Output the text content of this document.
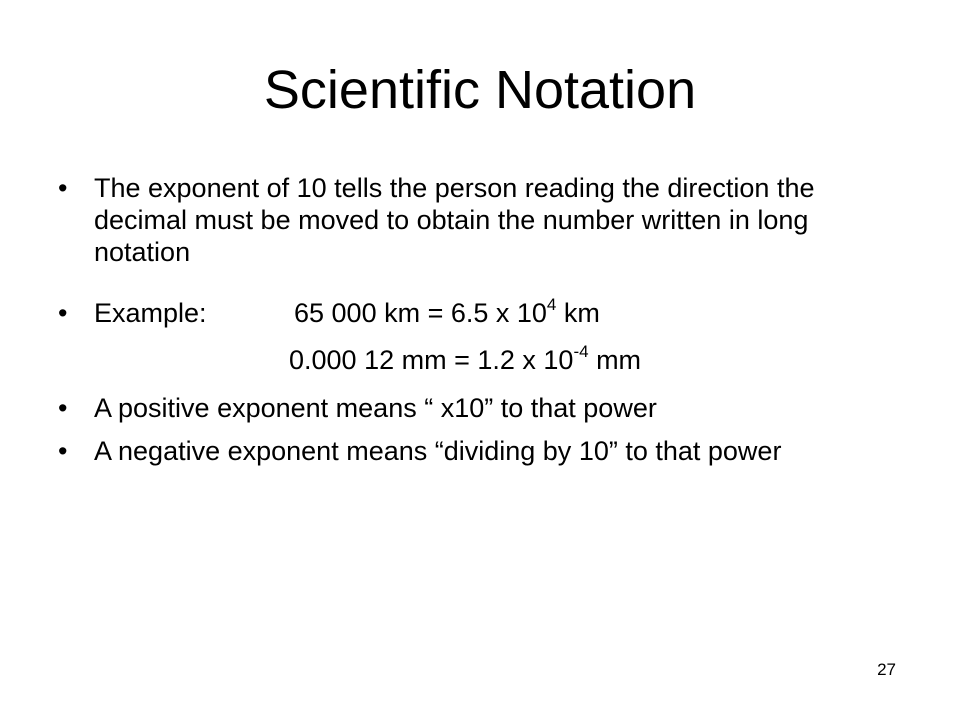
Scientific Notation
• The exponent of 10 tells the person reading the direction the decimal must be moved to obtain the number written in long notation
• Example:	65 000 km = 6.5 x $10^4$ km
0.000 12 mm = 1.2 x $10^{-4}$ mm
• A positive exponent means “ x10” to that power
• A negative exponent means “dividing by 10” to that power
27
